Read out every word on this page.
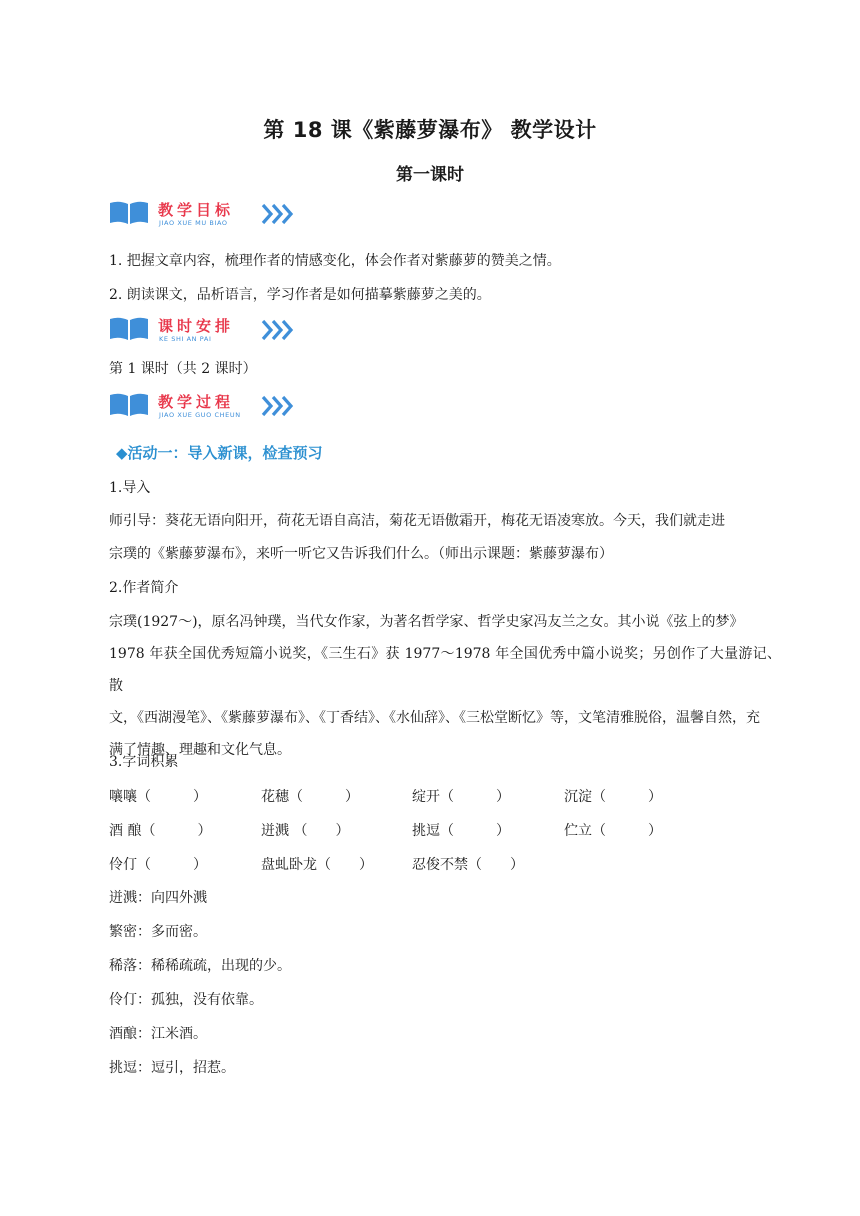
第 18 课《紫藤萝瀑布》 教学设计
第一课时
教学目标
JIAO XUE MU BIAO
1. 把握文章内容，梳理作者的情感变化，体会作者对紫藤萝的赞美之情。
2. 朗读课文，品析语言，学习作者是如何描摹紫藤萝之美的。
课时安排
KE SHI AN PAI
第 1 课时（共 2 课时）
教学过程
JIAO XUE GUO CHEUN
◆活动一：导入新课，检查预习
1.导入
师引导：葵花无语向阳开，荷花无语自高洁，菊花无语傲霜开，梅花无语凌寒放。今天，我们就走进
宗璞的《紫藤萝瀑布》，来听一听它又告诉我们什么。（师出示课题：紫藤萝瀑布）
2.作者简介
宗璞(1927～)，原名冯钟璞，当代女作家，为著名哲学家、哲学史家冯友兰之女。其小说《弦上的梦》
1978 年获全国优秀短篇小说奖，《三生石》获 1977～1978 年全国优秀中篇小说奖；另创作了大量游记、散
文，《西湖漫笔》、《紫藤萝瀑布》、《丁香结》、《水仙辞》、《三松堂断忆》等，文笔清雅脱俗，温馨自然，充
满了情趣、理趣和文化气息。
3.字词积累
嚷嚷（　　　）	花穗（　　　）	绽开（　　　）	沉淀（　　　）
酒 酿（　　　）	迸溅 （　　）	挑逗（　　　）	伫立（　　　）
伶仃（　　　）	盘虬卧龙（　　）	忍俊不禁（　　）
迸溅：向四外溅
繁密：多而密。
稀落：稀稀疏疏，出现的少。
伶仃：孤独，没有依靠。
酒酿：江米酒。
挑逗：逗引，招惹。
